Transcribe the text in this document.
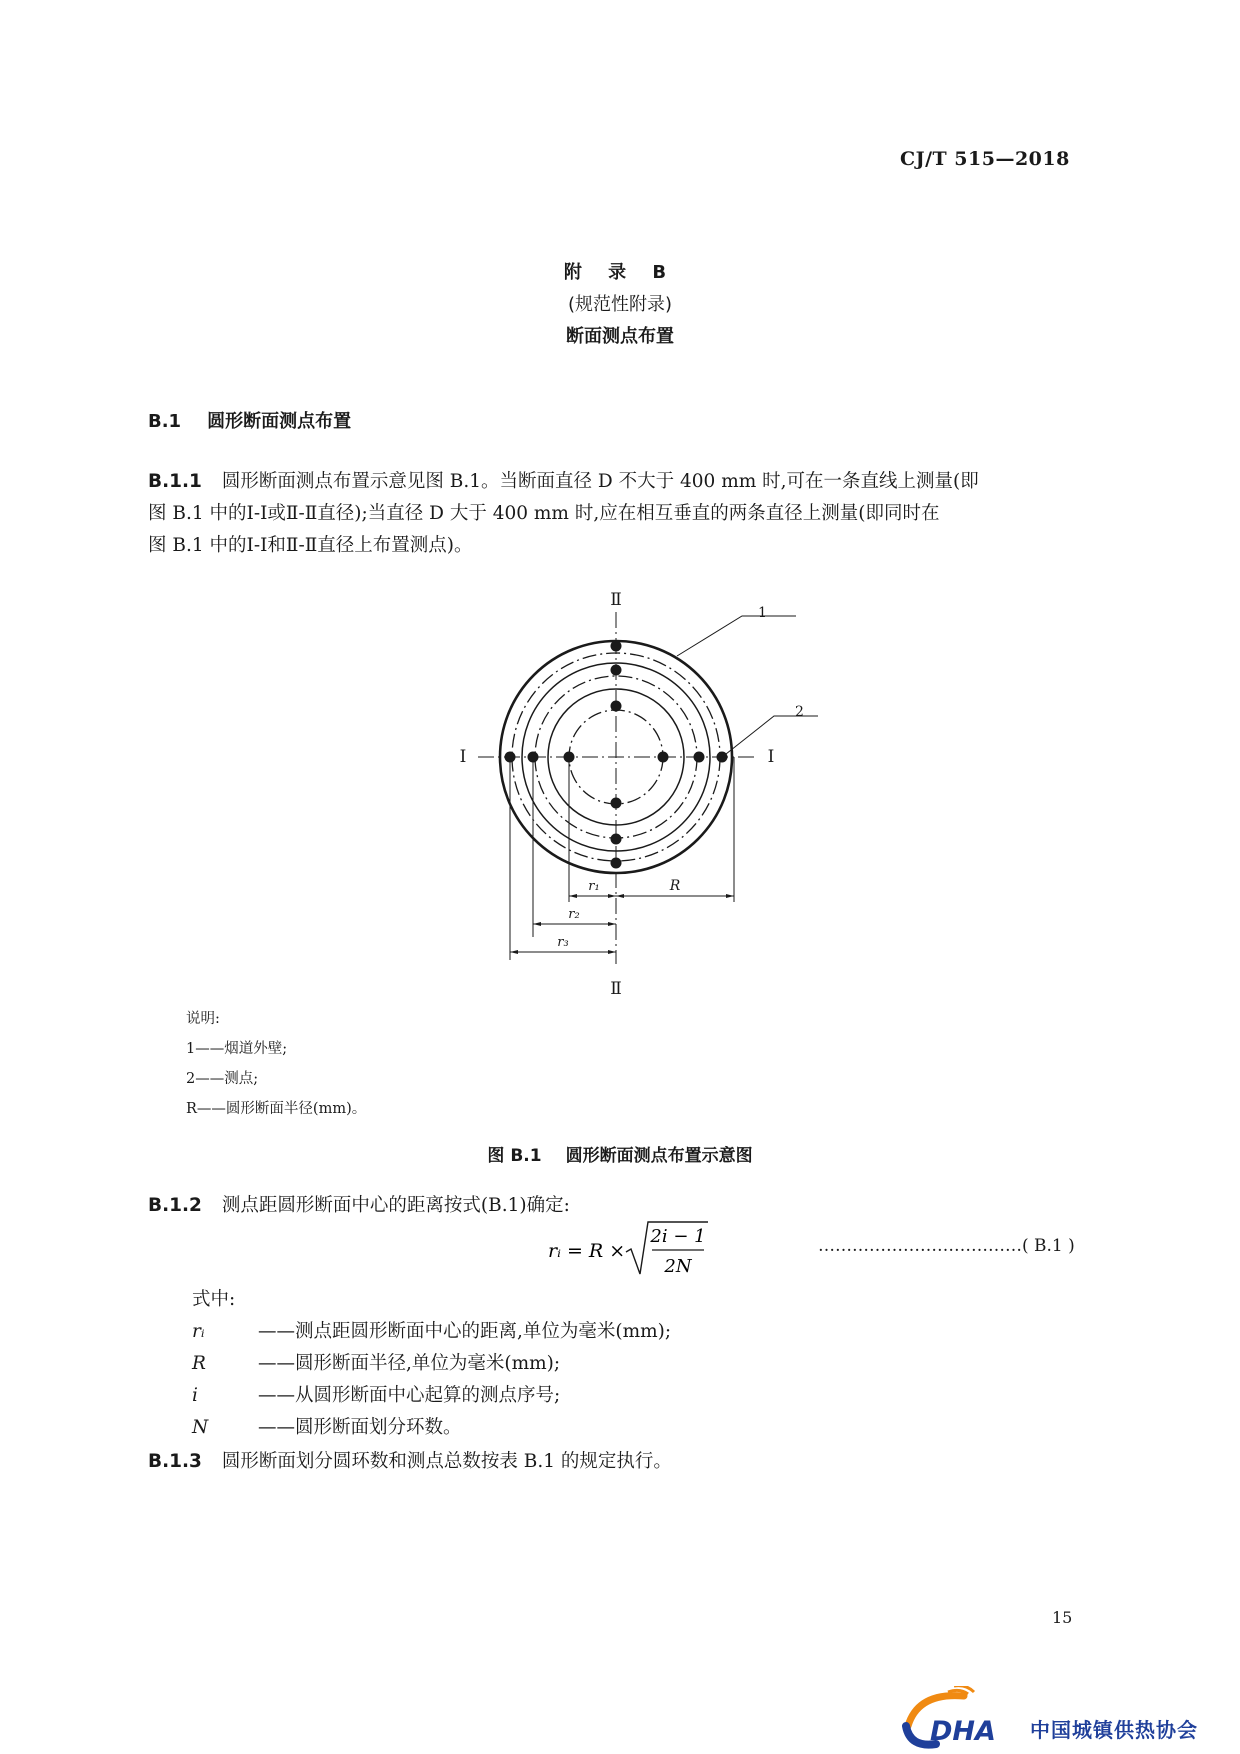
CJ/T 515—2018
附 录 B
(规范性附录)
断面测点布置
B.1 圆形断面测点布置
B.1.1 圆形断面测点布置示意见图 B.1。当断面直径 D 不大于 400 mm 时,可在一条直线上测量(即
图 B.1 中的Ⅰ-Ⅰ或Ⅱ-Ⅱ直径);当直径 D 大于 400 mm 时,应在相互垂直的两条直径上测量(即同时在
图 B.1 中的Ⅰ-Ⅰ和Ⅱ-Ⅱ直径上布置测点)。
Ⅰ	Ⅰ
Ⅱ
Ⅱ
1
2
r₁	R
r₂
r₃
说明:
1——烟道外壁;
2——测点;
R——圆形断面半径(mm)。
图 B.1 圆形断面测点布置示意图
B.1.2 测点距圆形断面中心的距离按式(B.1)确定:
rᵢ = R ×
2i − 1
2N
………………………………( B.1 )
式中:
rᵢ	——测点距圆形断面中心的距离,单位为毫米(mm);
R	——圆形断面半径,单位为毫米(mm);
i	——从圆形断面中心起算的测点序号;
N	——圆形断面划分环数。
B.1.3 圆形断面划分圆环数和测点总数按表 B.1 的规定执行。
15
DHA 中国城镇供热协会
